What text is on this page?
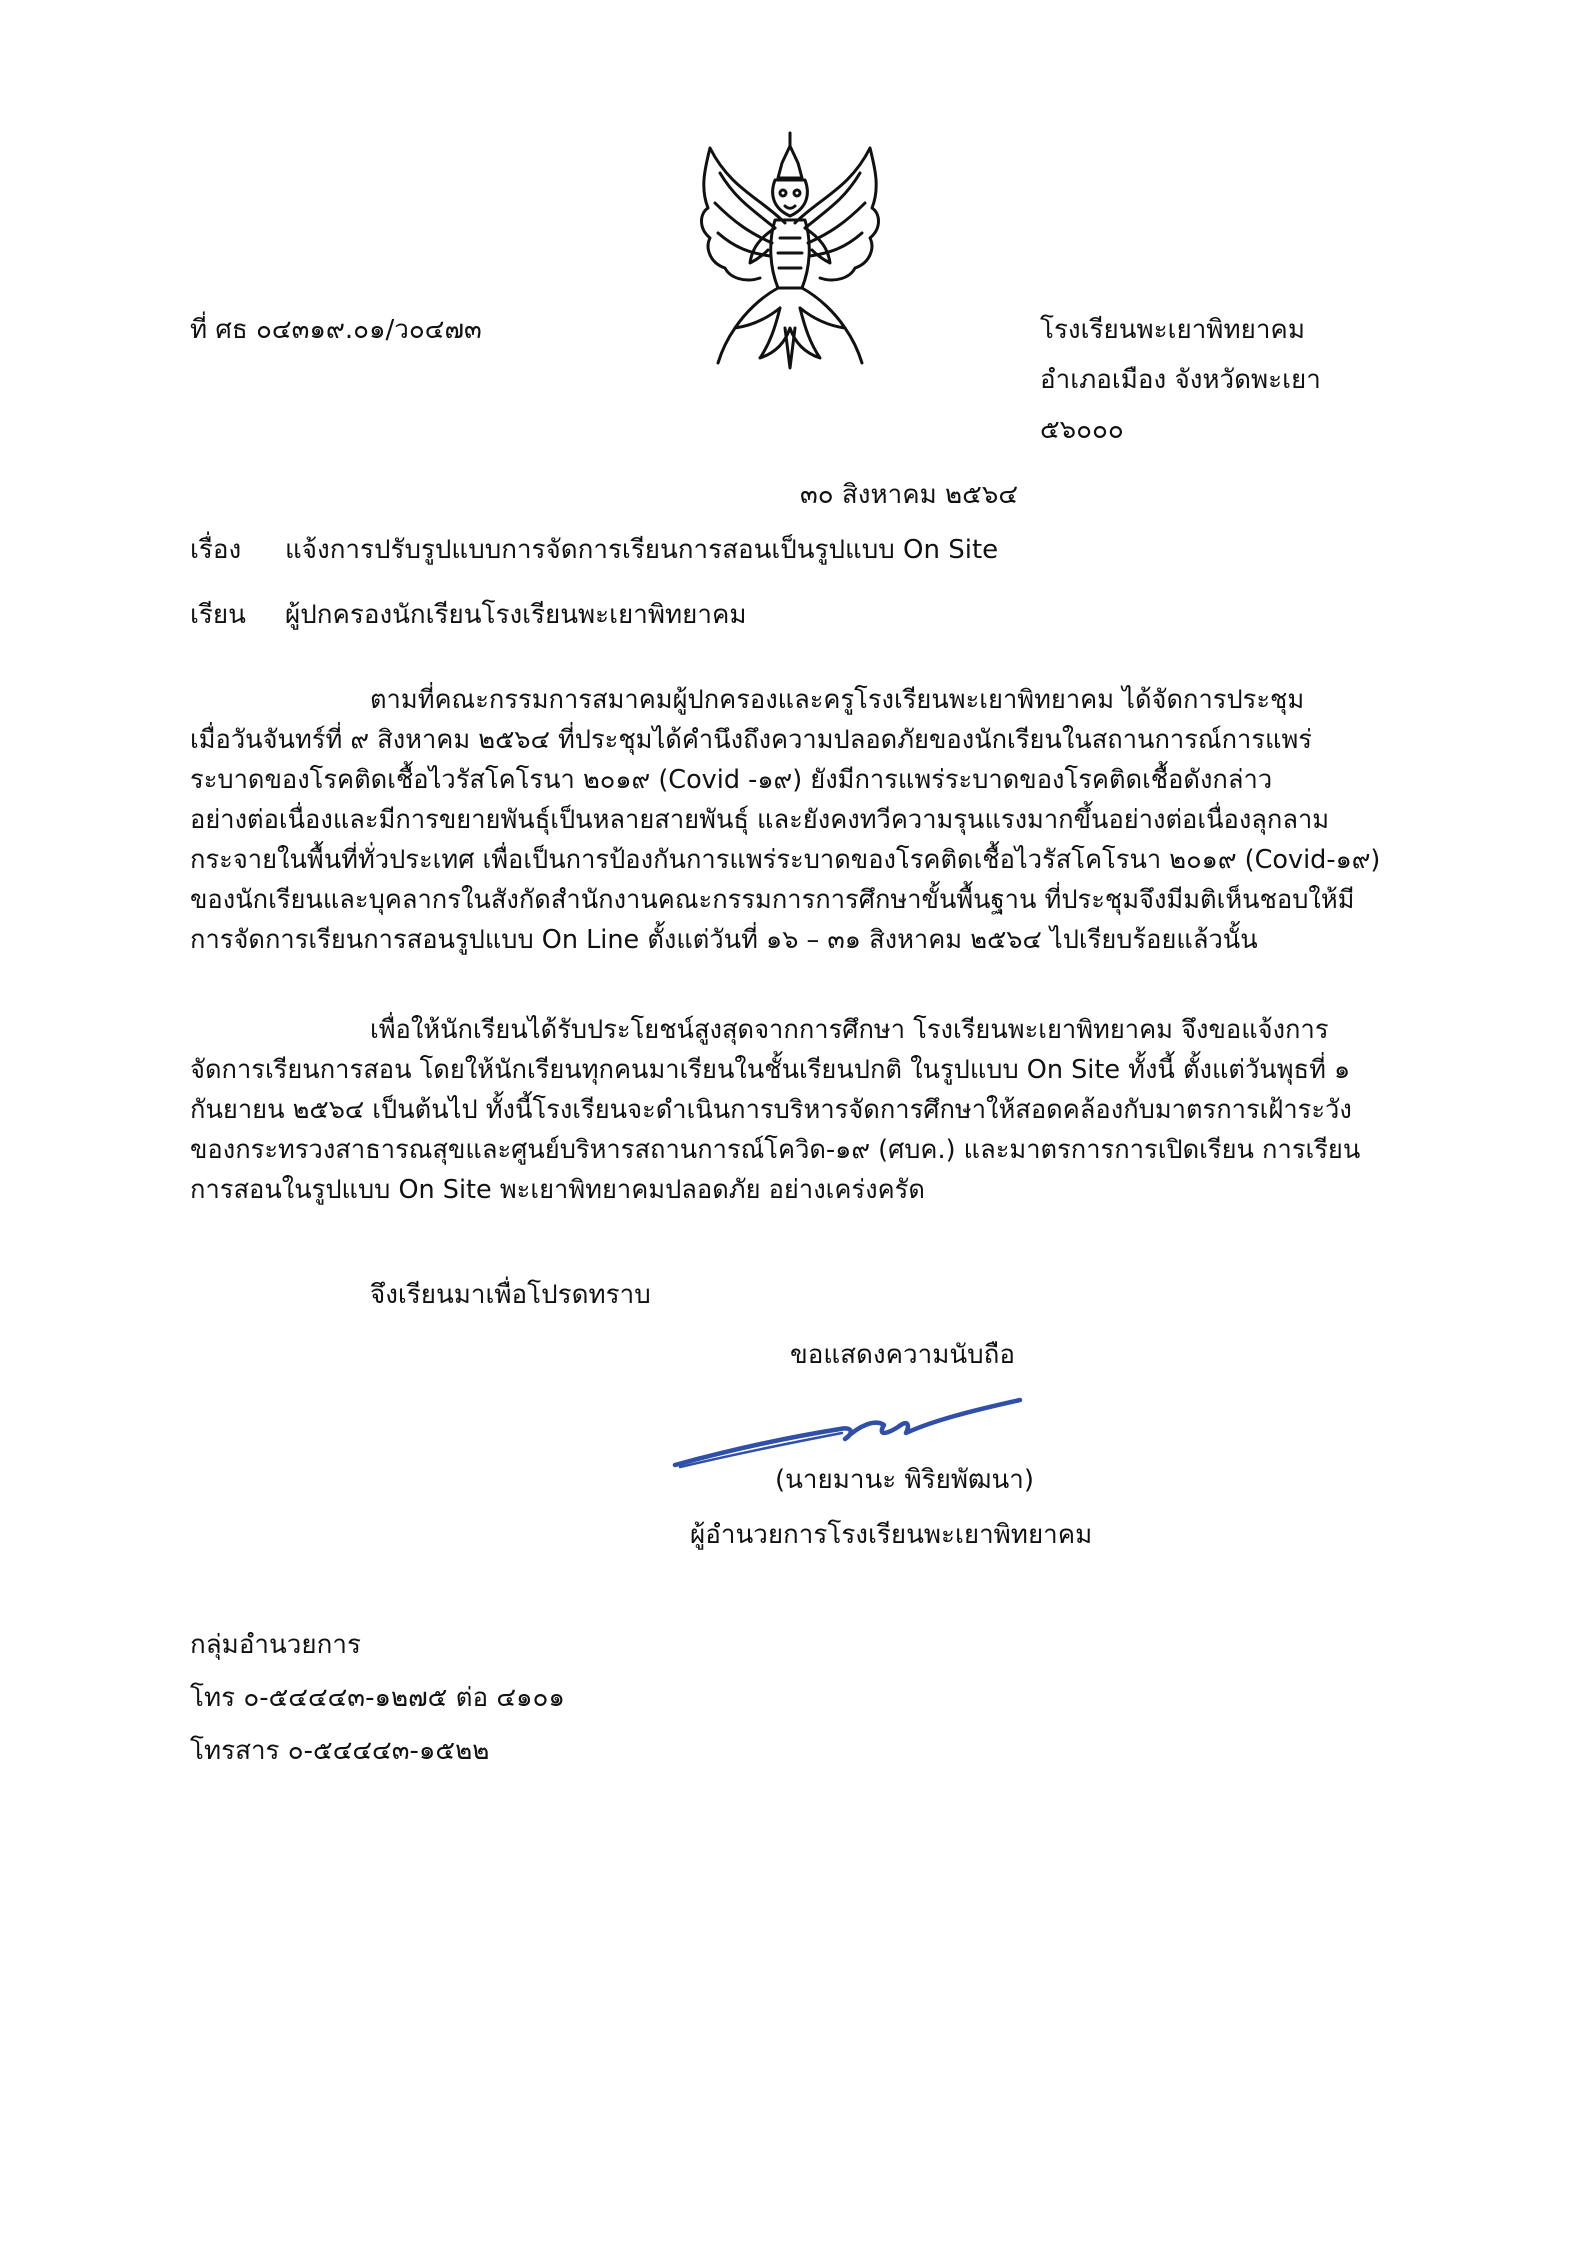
ที่ ศธ ๐๔๓๑๙.๐๑/ว๐๔๗๓	โรงเรียนพะเยาพิทยาคม
อำเภอเมือง จังหวัดพะเยา
๕๖๐๐๐
๓๐ สิงหาคม ๒๕๖๔
เรื่อง แจ้งการปรับรูปแบบการจัดการเรียนการสอนเป็นรูปแบบ On Site
เรียน ผู้ปกครองนักเรียนโรงเรียนพะเยาพิทยาคม
ตามที่คณะกรรมการสมาคมผู้ปกครองและครูโรงเรียนพะเยาพิทยาคม ได้จัดการประชุม
เมื่อวันจันทร์ที่ ๙ สิงหาคม ๒๕๖๔ ที่ประชุมได้คำนึงถึงความปลอดภัยของนักเรียนในสถานการณ์การแพร่
ระบาดของโรคติดเชื้อไวรัสโคโรนา ๒๐๑๙ (Covid -๑๙) ยังมีการแพร่ระบาดของโรคติดเชื้อดังกล่าว
อย่างต่อเนื่องและมีการขยายพันธุ์เป็นหลายสายพันธุ์ และยังคงทวีความรุนแรงมากขึ้นอย่างต่อเนื่องลุกลาม
กระจายในพื้นที่ทั่วประเทศ เพื่อเป็นการป้องกันการแพร่ระบาดของโรคติดเชื้อไวรัสโคโรนา ๒๐๑๙ (Covid-๑๙)
ของนักเรียนและบุคลากรในสังกัดสำนักงานคณะกรรมการการศึกษาขั้นพื้นฐาน ที่ประชุมจึงมีมติเห็นชอบให้มี
การจัดการเรียนการสอนรูปแบบ On Line ตั้งแต่วันที่ ๑๖ – ๓๑ สิงหาคม ๒๕๖๔ ไปเรียบร้อยแล้วนั้น
เพื่อให้นักเรียนได้รับประโยชน์สูงสุดจากการศึกษา โรงเรียนพะเยาพิทยาคม จึงขอแจ้งการ
จัดการเรียนการสอน โดยให้นักเรียนทุกคนมาเรียนในชั้นเรียนปกติ ในรูปแบบ On Site ทั้งนี้ ตั้งแต่วันพุธที่ ๑
กันยายน ๒๕๖๔ เป็นต้นไป ทั้งนี้โรงเรียนจะดำเนินการบริหารจัดการศึกษาให้สอดคล้องกับมาตรการเฝ้าระวัง
ของกระทรวงสาธารณสุขและศูนย์บริหารสถานการณ์โควิด-๑๙ (ศบค.) และมาตรการการเปิดเรียน การเรียน
การสอนในรูปแบบ On Site พะเยาพิทยาคมปลอดภัย อย่างเคร่งครัด
จึงเรียนมาเพื่อโปรดทราบ
ขอแสดงความนับถือ
(นายมานะ พิริยพัฒนา)
ผู้อำนวยการโรงเรียนพะเยาพิทยาคม
กลุ่มอำนวยการ
โทร ๐-๕๔๔๔๓-๑๒๗๕ ต่อ ๔๑๐๑
โทรสาร ๐-๕๔๔๔๓-๑๕๒๒
